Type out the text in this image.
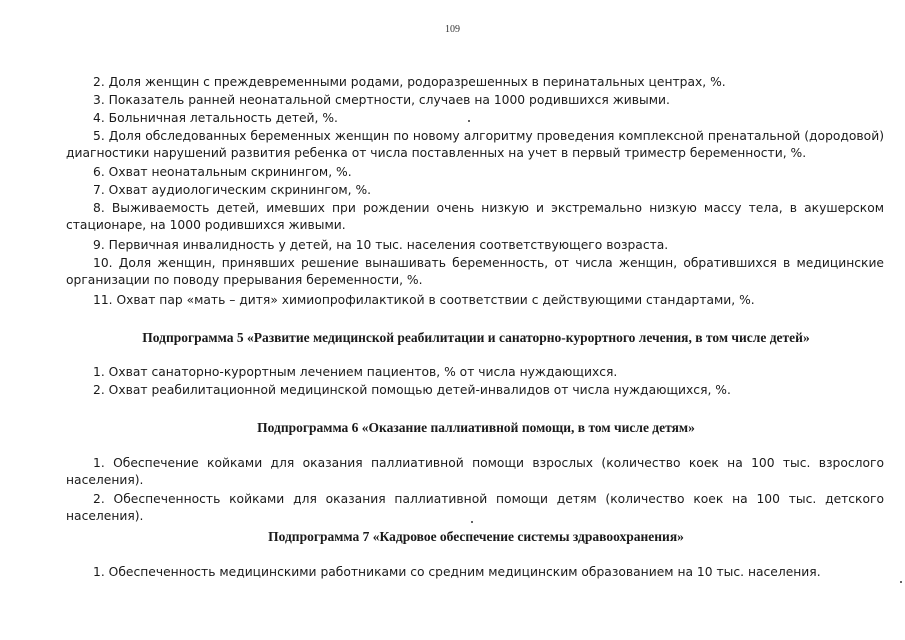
109

2. Доля женщин с преждевременными родами, родоразрешенных в перинатальных центрах, %.

3. Показатель ранней неонатальной смертности, случаев на 1000 родившихся живыми.

4. Больничная летальность детей, %.

5. Доля обследованных беременных женщин по новому алгоритму проведения комплексной пренатальной (дородовой) диагностики нарушений развития ребенка от числа поставленных на учет в первый триместр беременности, %.

6. Охват неонатальным скринингом, %.

7. Охват аудиологическим скринингом, %.

8. Выживаемость детей, имевших при рождении очень низкую и экстремально низкую массу тела, в акушерском стационаре, на 1000 родившихся живыми.

9. Первичная инвалидность у детей, на 10 тыс. населения соответствующего возраста.

10. Доля женщин, принявших решение вынашивать беременность, от числа женщин, обратившихся в медицинские организации по поводу прерывания беременности, %.

11. Охват пар «мать – дитя» химиопрофилактикой в соответствии с действующими стандартами, %.

Подпрограмма 5 «Развитие медицинской реабилитации и санаторно-курортного лечения, в том числе детей»

1. Охват санаторно-курортным лечением пациентов, % от числа нуждающихся.

2. Охват реабилитационной медицинской помощью детей-инвалидов от числа нуждающихся, %.

Подпрограмма 6 «Оказание паллиативной помощи, в том числе детям»

1. Обеспечение койками для оказания паллиативной помощи взрослых (количество коек на 100 тыс. взрослого населения).

2. Обеспеченность койками для оказания паллиативной помощи детям (количество коек на 100 тыс. детского населения).

Подпрограмма 7 «Кадровое обеспечение системы здравоохранения»

1. Обеспеченность медицинскими работниками со средним медицинским образованием на 10 тыс. населения.
